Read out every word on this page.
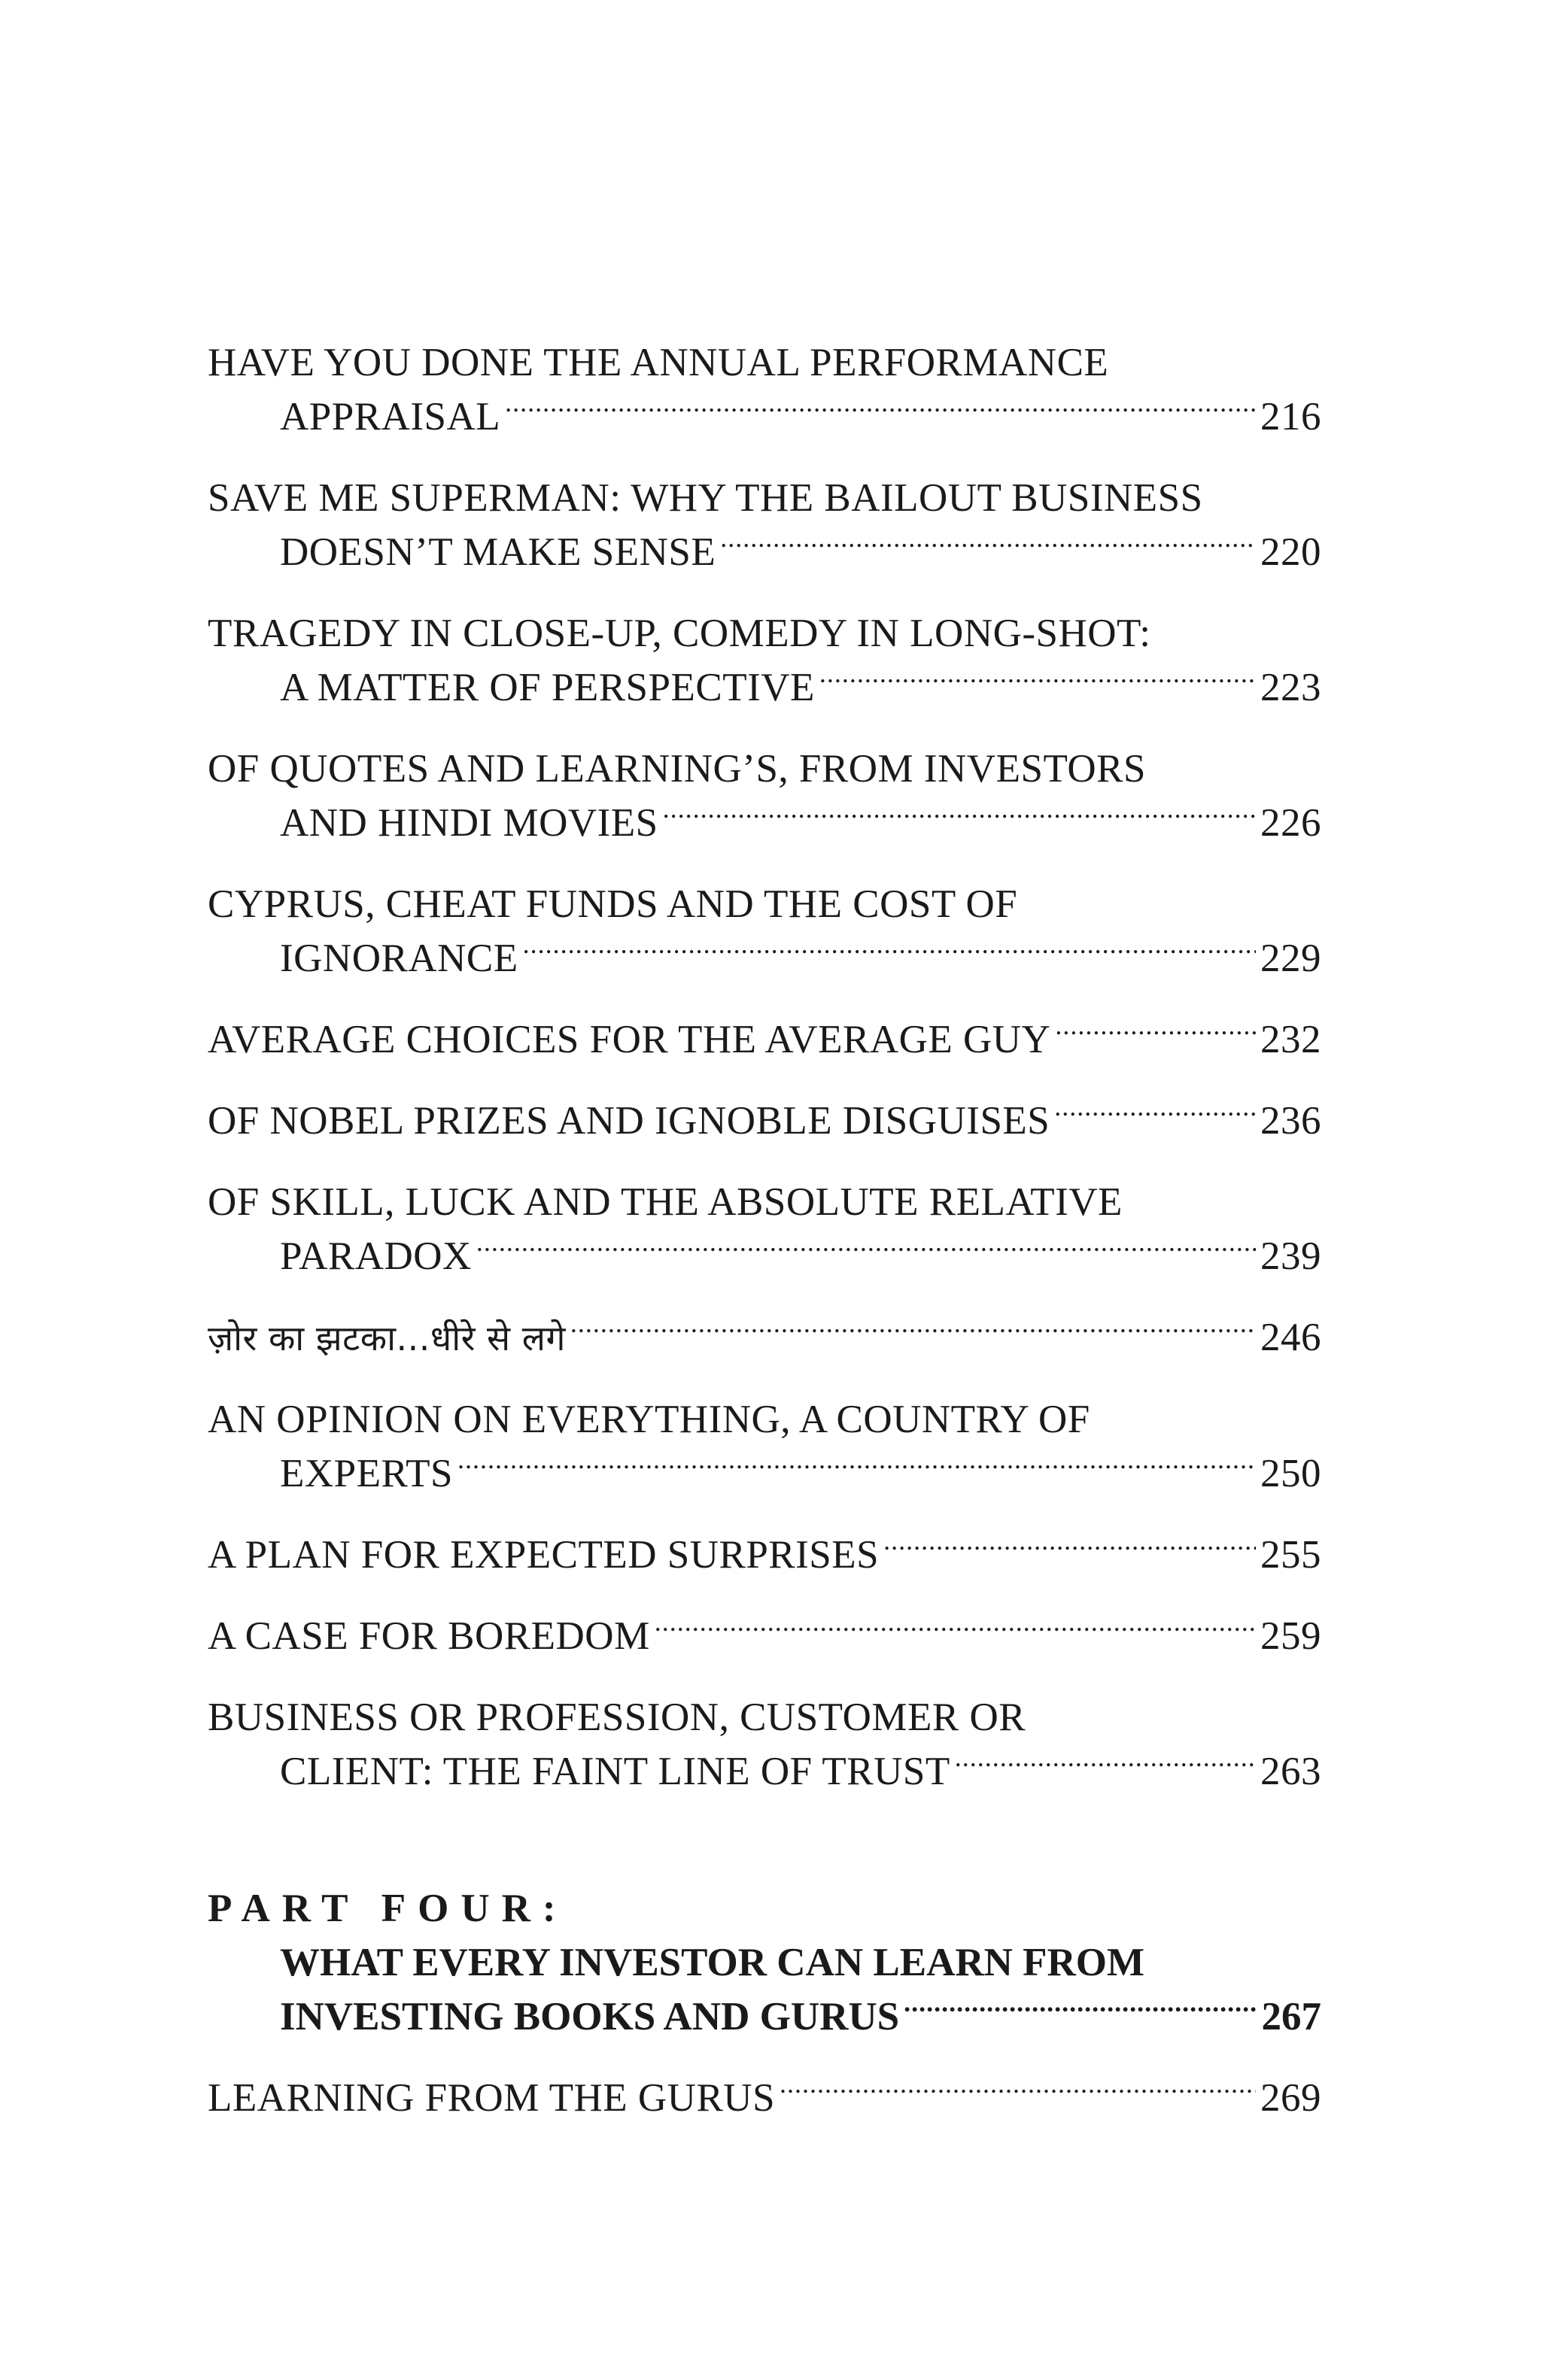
HAVE YOU DONE THE ANNUAL PERFORMANCE
APPRAISAL . . .	216
SAVE ME SUPERMAN: WHY THE BAILOUT BUSINESS
DOESN’T MAKE SENSE . . .	220
TRAGEDY IN CLOSE-UP, COMEDY IN LONG-SHOT:
A MATTER OF PERSPECTIVE . . .	223
OF QUOTES AND LEARNING’S, FROM INVESTORS
AND HINDI MOVIES . . .	226
CYPRUS, CHEAT FUNDS AND THE COST OF
IGNORANCE . . .	229
AVERAGE CHOICES FOR THE AVERAGE GUY . . .	232
OF NOBEL PRIZES AND IGNOBLE DISGUISES . . .	236
OF SKILL, LUCK AND THE ABSOLUTE RELATIVE
PARADOX . . .	239
ज़ोर का झटका...धीरे से लगे . . .	246
AN OPINION ON EVERYTHING, A COUNTRY OF
EXPERTS . . .	250
A PLAN FOR EXPECTED SURPRISES . . .	255
A CASE FOR BOREDOM . . .	259
BUSINESS OR PROFESSION, CUSTOMER OR
CLIENT: THE FAINT LINE OF TRUST . . .	263
PART FOUR:
WHAT EVERY INVESTOR CAN LEARN FROM
INVESTING BOOKS AND GURUS . . .	267
LEARNING FROM THE GURUS . . .	269
